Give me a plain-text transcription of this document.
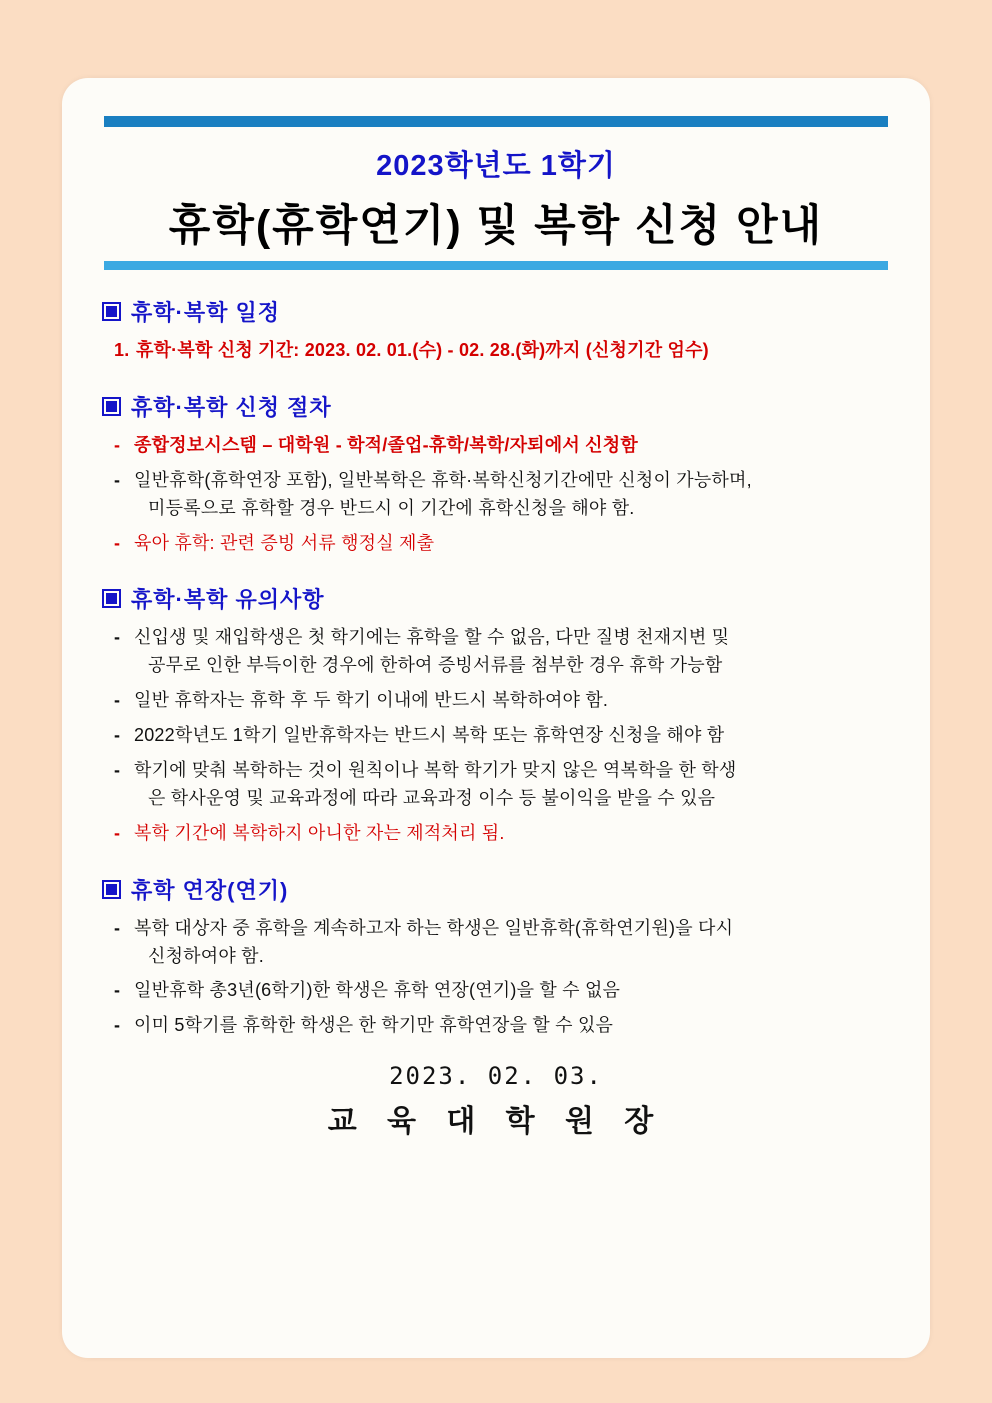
2023학년도 1학기
휴학(휴학연기) 및 복학 신청 안내
휴학·복학 일정
1. 휴학·복학 신청 기간: 2023. 02. 01.(수) - 02. 28.(화)까지 (신청기간 엄수)
휴학·복학 신청 절차
- 종합정보시스템 – 대학원 - 학적/졸업-휴학/복학/자퇴에서 신청함
- 일반휴학(휴학연장 포함), 일반복학은 휴학·복학신청기간에만 신청이 가능하며,
미등록으로 휴학할 경우 반드시 이 기간에 휴학신청을 해야 함.
- 육아 휴학: 관련 증빙 서류 행정실 제출
휴학·복학 유의사항
- 신입생 및 재입학생은 첫 학기에는 휴학을 할 수 없음, 다만 질병 천재지변 및
공무로 인한 부득이한 경우에 한하여 증빙서류를 첨부한 경우 휴학 가능함
- 일반 휴학자는 휴학 후 두 학기 이내에 반드시 복학하여야 함.
- 2022학년도 1학기 일반휴학자는 반드시 복학 또는 휴학연장 신청을 해야 함
- 학기에 맞춰 복학하는 것이 원칙이나 복학 학기가 맞지 않은 역복학을 한 학생
은 학사운영 및 교육과정에 따라 교육과정 이수 등 불이익을 받을 수 있음
- 복학 기간에 복학하지 아니한 자는 제적처리 됨.
휴학 연장(연기)
- 복학 대상자 중 휴학을 계속하고자 하는 학생은 일반휴학(휴학연기원)을 다시
신청하여야 함.
- 일반휴학 총3년(6학기)한 학생은 휴학 연장(연기)을 할 수 없음
- 이미 5학기를 휴학한 학생은 한 학기만 휴학연장을 할 수 있음
2023. 02. 03.
교 육 대 학 원 장
